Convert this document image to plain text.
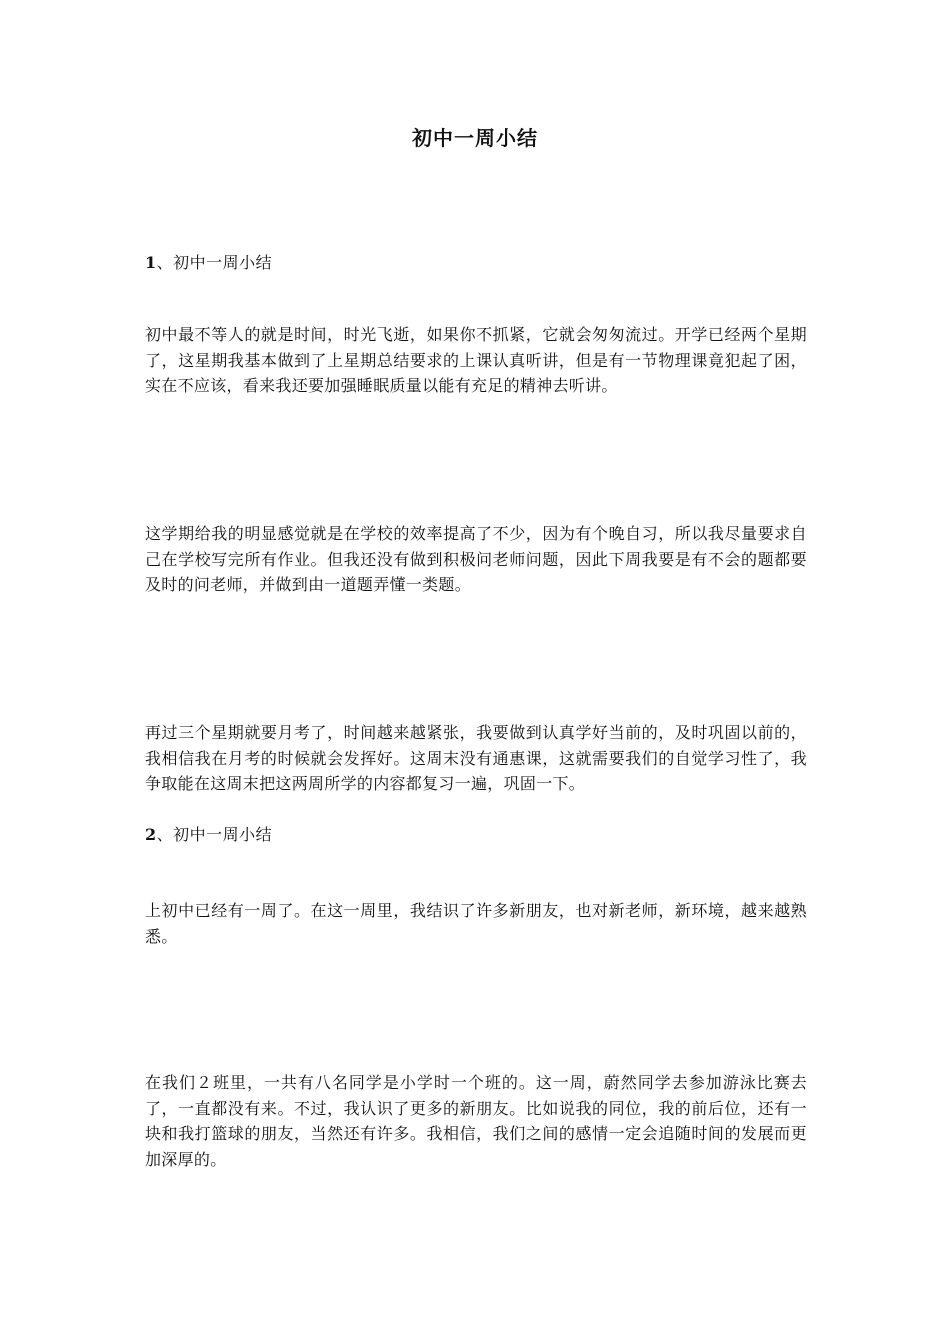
初中一周小结
1、初中一周小结

初中最不等人的就是时间，时光飞逝，如果你不抓紧，它就会匆匆流过。开学已经两个星期了，这星期我基本做到了上星期总结要求的上课认真听讲，但是有一节物理课竟犯起了困，实在不应该，看来我还要加强睡眠质量以能有充足的精神去听讲。

这学期给我的明显感觉就是在学校的效率提高了不少，因为有个晚自习，所以我尽量要求自己在学校写完所有作业。但我还没有做到积极问老师问题，因此下周我要是有不会的题都要及时的问老师，并做到由一道题弄懂一类题。

再过三个星期就要月考了，时间越来越紧张，我要做到认真学好当前的，及时巩固以前的，我相信我在月考的时候就会发挥好。这周末没有通惠课，这就需要我们的自觉学习性了，我争取能在这周末把这两周所学的内容都复习一遍，巩固一下。

2、初中一周小结

上初中已经有一周了。在这一周里，我结识了许多新朋友，也对新老师，新环境，越来越熟悉。

在我们２班里，一共有八名同学是小学时一个班的。这一周，蔚然同学去参加游泳比赛去了，一直都没有来。不过，我认识了更多的新朋友。比如说我的同位，我的前后位，还有一块和我打篮球的朋友，当然还有许多。我相信，我们之间的感情一定会追随时间的发展而更加深厚的。
